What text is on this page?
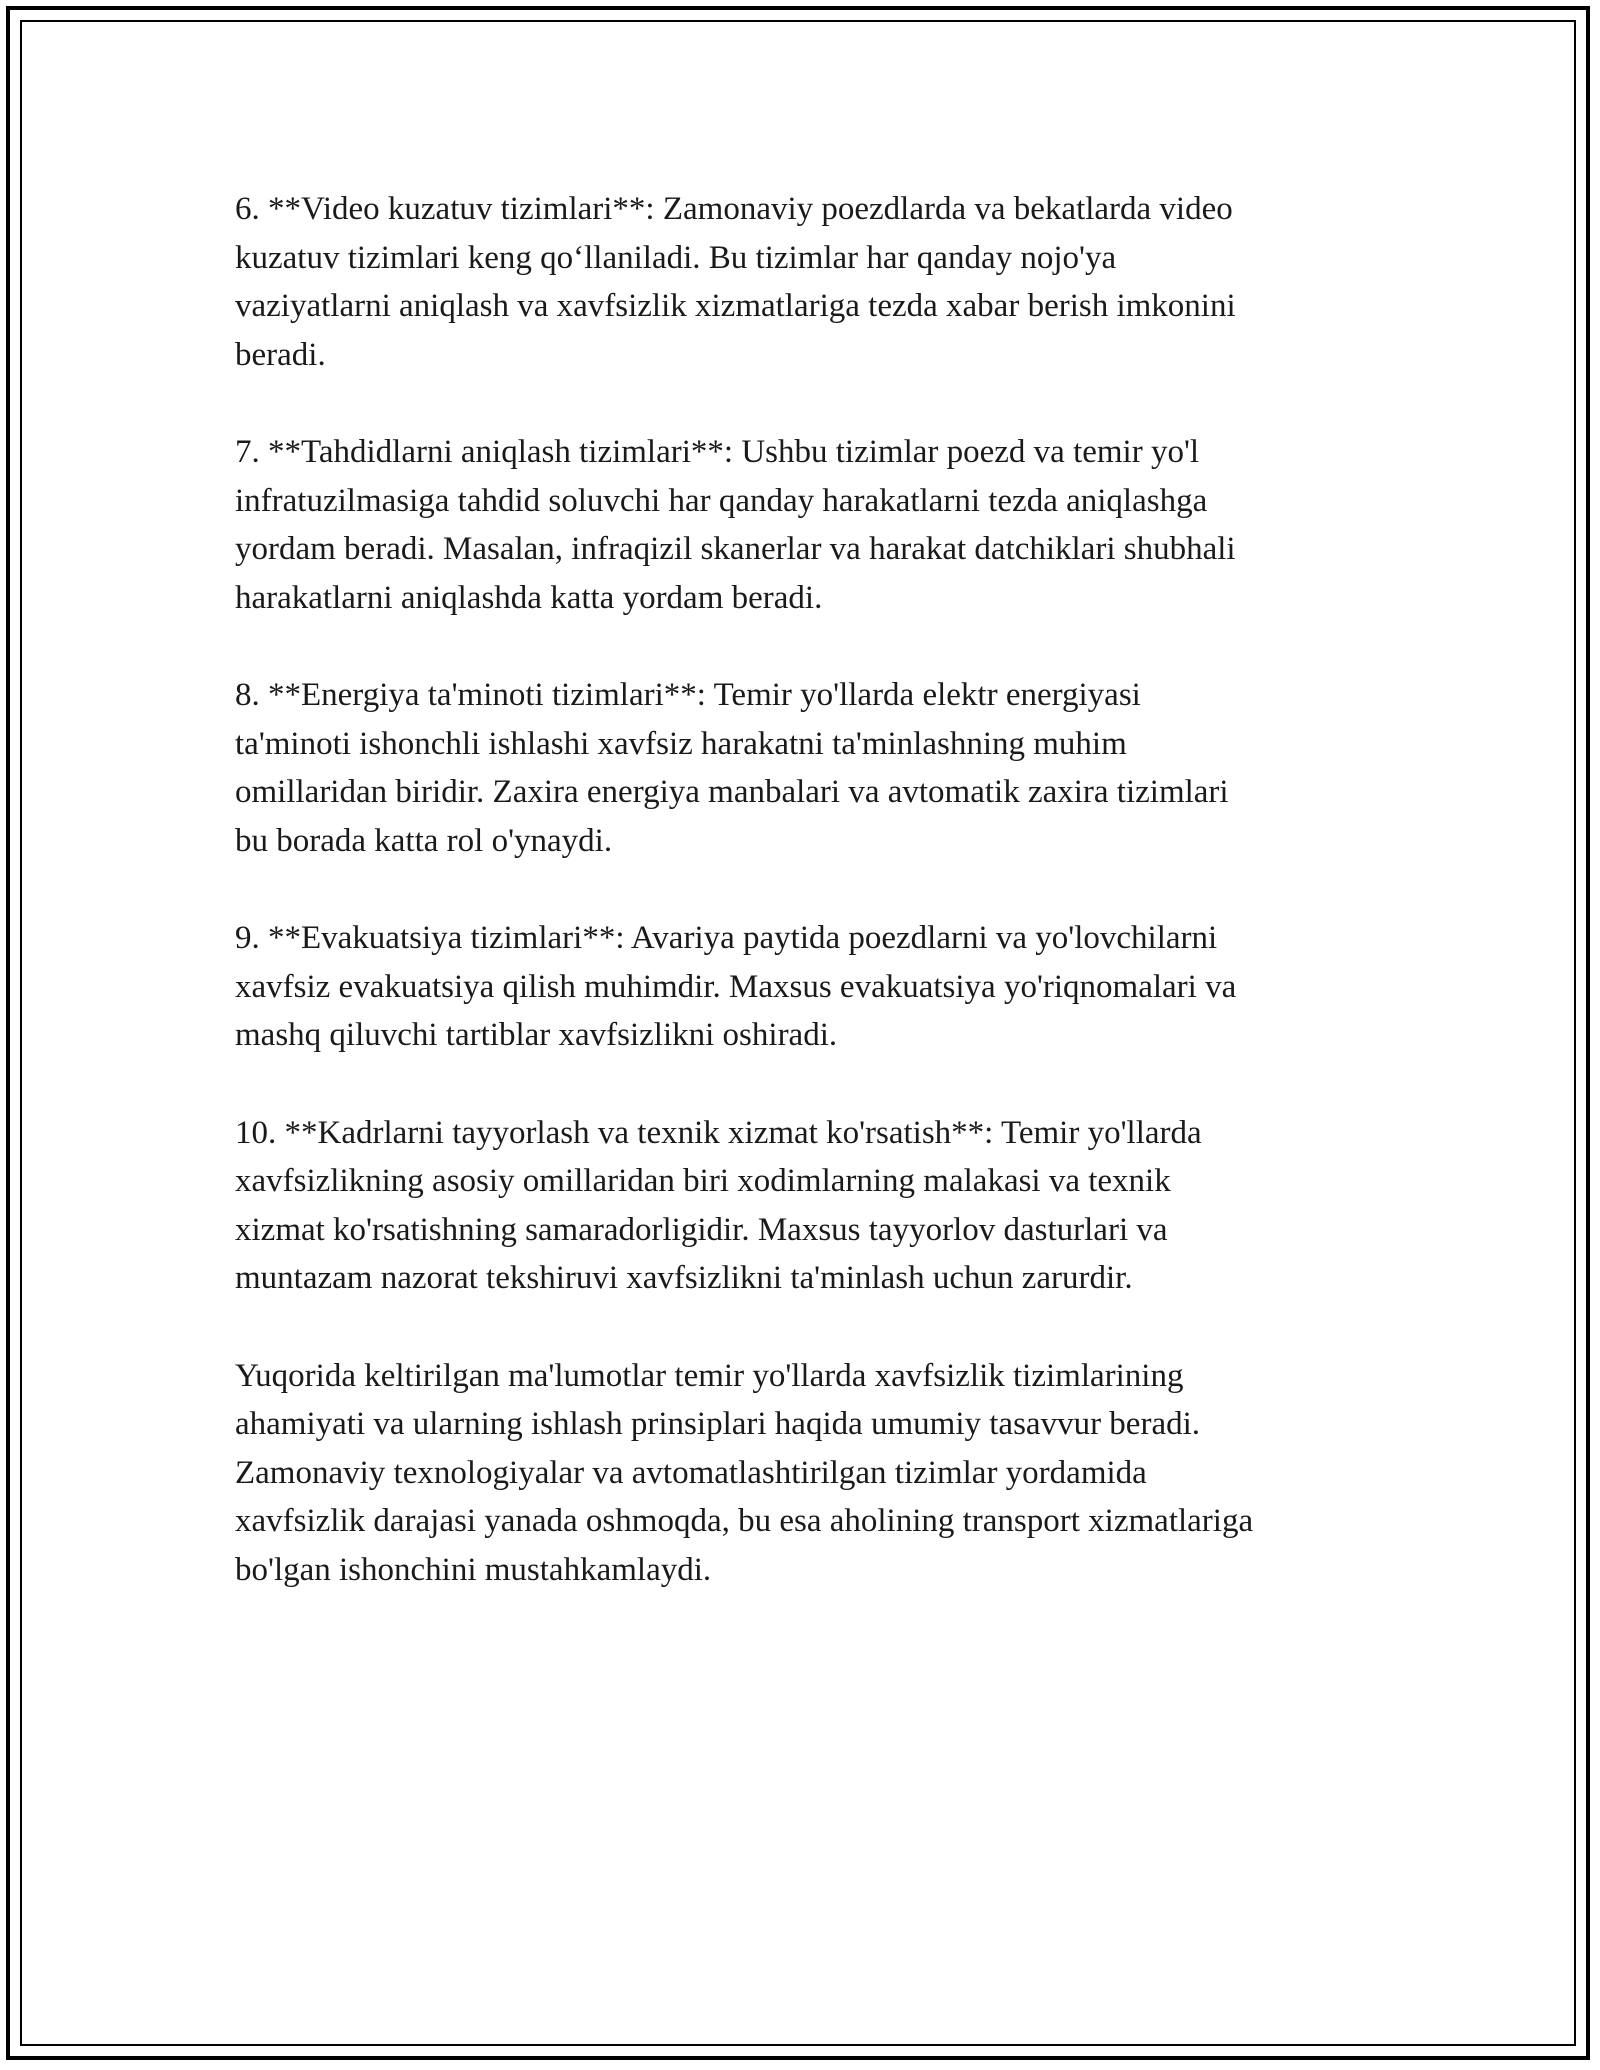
6. **Video kuzatuv tizimlari**: Zamonaviy poezdlarda va bekatlarda video
kuzatuv tizimlari keng qo‘llaniladi. Bu tizimlar har qanday nojo'ya
vaziyatlarni aniqlash va xavfsizlik xizmatlariga tezda xabar berish imkonini
beradi.

7. **Tahdidlarni aniqlash tizimlari**: Ushbu tizimlar poezd va temir yo'l
infratuzilmasiga tahdid soluvchi har qanday harakatlarni tezda aniqlashga
yordam beradi. Masalan, infraqizil skanerlar va harakat datchiklari shubhali
harakatlarni aniqlashda katta yordam beradi.

8. **Energiya ta'minoti tizimlari**: Temir yo'llarda elektr energiyasi
ta'minoti ishonchli ishlashi xavfsiz harakatni ta'minlashning muhim
omillaridan biridir. Zaxira energiya manbalari va avtomatik zaxira tizimlari
bu borada katta rol o'ynaydi.

9. **Evakuatsiya tizimlari**: Avariya paytida poezdlarni va yo'lovchilarni
xavfsiz evakuatsiya qilish muhimdir. Maxsus evakuatsiya yo'riqnomalari va
mashq qiluvchi tartiblar xavfsizlikni oshiradi.

10. **Kadrlarni tayyorlash va texnik xizmat ko'rsatish**: Temir yo'llarda
xavfsizlikning asosiy omillaridan biri xodimlarning malakasi va texnik
xizmat ko'rsatishning samaradorligidir. Maxsus tayyorlov dasturlari va
muntazam nazorat tekshiruvi xavfsizlikni ta'minlash uchun zarurdir.

Yuqorida keltirilgan ma'lumotlar temir yo'llarda xavfsizlik tizimlarining
ahamiyati va ularning ishlash prinsiplari haqida umumiy tasavvur beradi.
Zamonaviy texnologiyalar va avtomatlashtirilgan tizimlar yordamida
xavfsizlik darajasi yanada oshmoqda, bu esa aholining transport xizmatlariga
bo'lgan ishonchini mustahkamlaydi.
